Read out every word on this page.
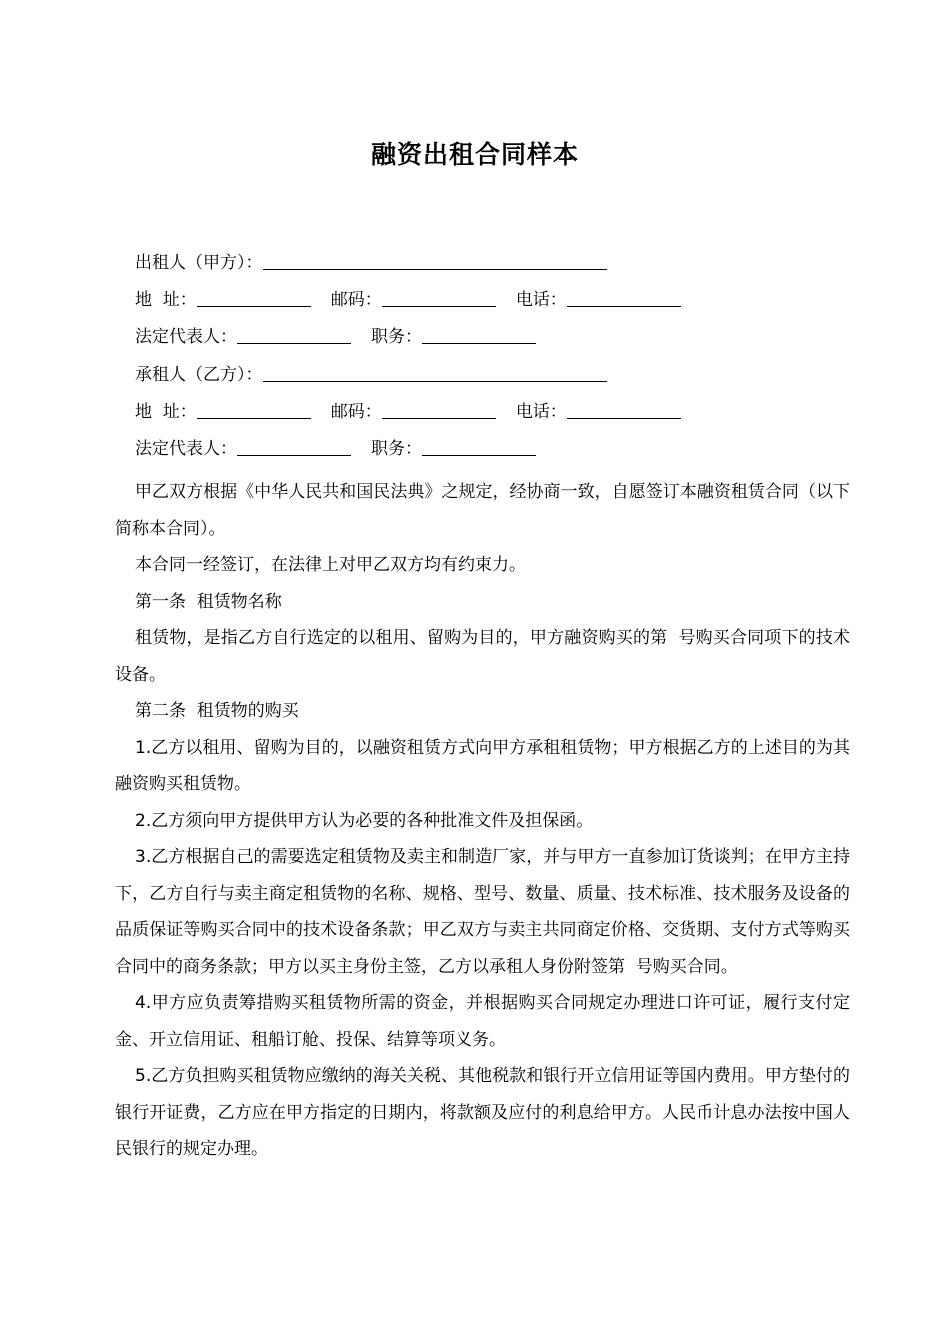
融资出租合同样本
出租人（甲方）：
地  址：	邮码：	电话：
法定代表人：	职务：
承租人（乙方）：
地  址：	邮码：	电话：
法定代表人：	职务：

甲乙双方根据《中华人民共和国民法典》之规定，经协商一致，自愿签订本融资租赁合同（以下简称本合同）。

本合同一经签订，在法律上对甲乙双方均有约束力。

第一条  租赁物名称

租赁物，是指乙方自行选定的以租用、留购为目的，甲方融资购买的第  号购买合同项下的技术设备。

第二条  租赁物的购买

1.乙方以租用、留购为目的，以融资租赁方式向甲方承租租赁物；甲方根据乙方的上述目的为其融资购买租赁物。

2.乙方须向甲方提供甲方认为必要的各种批准文件及担保函。

3.乙方根据自己的需要选定租赁物及卖主和制造厂家，并与甲方一直参加订货谈判；在甲方主持下，乙方自行与卖主商定租赁物的名称、规格、型号、数量、质量、技术标准、技术服务及设备的品质保证等购买合同中的技术设备条款；甲乙双方与卖主共同商定价格、交货期、支付方式等购买合同中的商务条款；甲方以买主身份主签，乙方以承租人身份附签第  号购买合同。

4.甲方应负责筹措购买租赁物所需的资金，并根据购买合同规定办理进口许可证，履行支付定金、开立信用证、租船订舱、投保、结算等项义务。

5.乙方负担购买租赁物应缴纳的海关关税、其他税款和银行开立信用证等国内费用。甲方垫付的银行开证费，乙方应在甲方指定的日期内，将款额及应付的利息给甲方。人民币计息办法按中国人民银行的规定办理。
